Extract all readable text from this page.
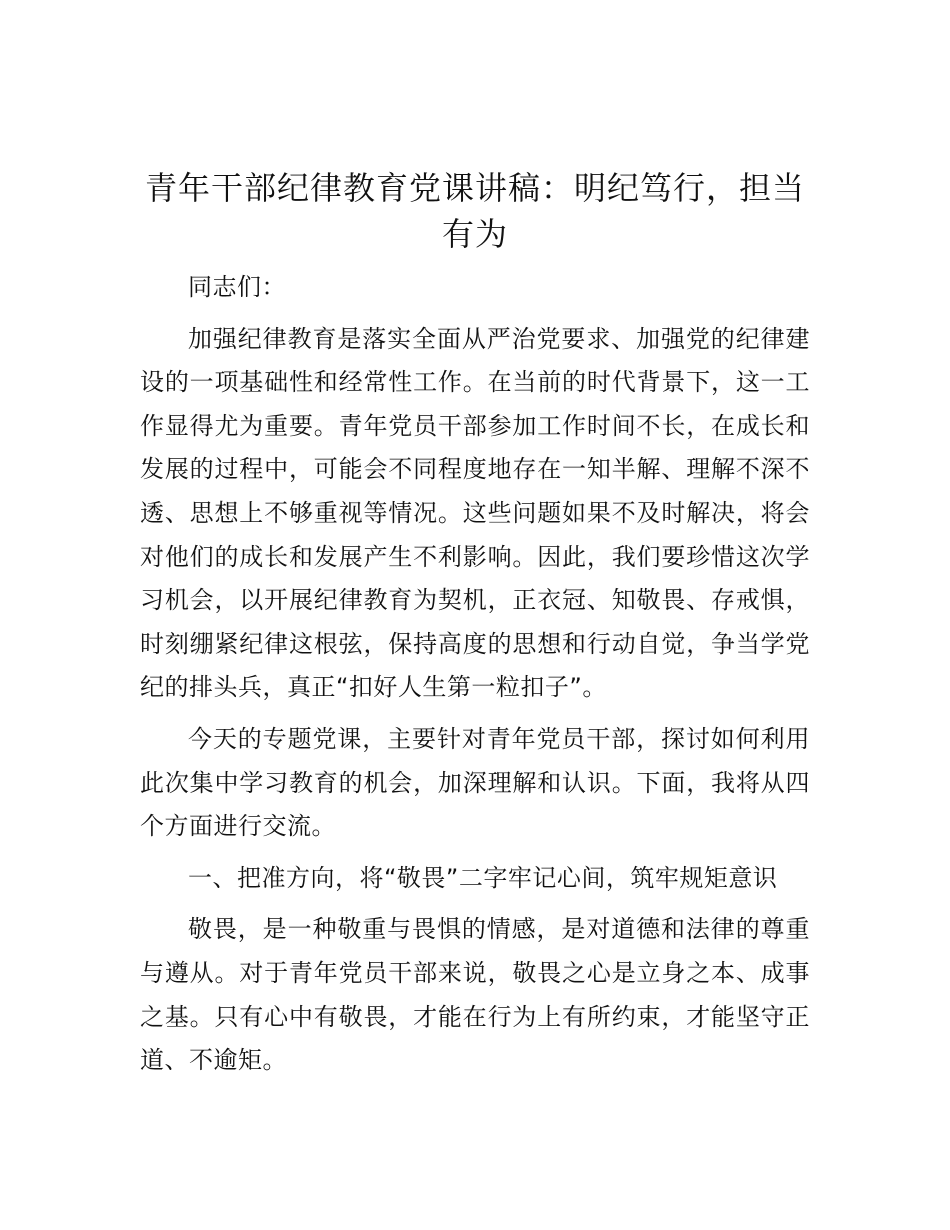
青年干部纪律教育党课讲稿：明纪笃行，担当有为

同志们：

加强纪律教育是落实全面从严治党要求、加强党的纪律建设的一项基础性和经常性工作。在当前的时代背景下，这一工作显得尤为重要。青年党员干部参加工作时间不长，在成长和发展的过程中，可能会不同程度地存在一知半解、理解不深不透、思想上不够重视等情况。这些问题如果不及时解决，将会对他们的成长和发展产生不利影响。因此，我们要珍惜这次学习机会，以开展纪律教育为契机，正衣冠、知敬畏、存戒惧，时刻绷紧纪律这根弦，保持高度的思想和行动自觉，争当学党纪的排头兵，真正“扣好人生第一粒扣子”。

今天的专题党课，主要针对青年党员干部，探讨如何利用此次集中学习教育的机会，加深理解和认识。下面，我将从四个方面进行交流。

一、把准方向，将“敬畏”二字牢记心间，筑牢规矩意识

敬畏，是一种敬重与畏惧的情感，是对道德和法律的尊重与遵从。对于青年党员干部来说，敬畏之心是立身之本、成事之基。只有心中有敬畏，才能在行为上有所约束，才能坚守正道、不逾矩。
